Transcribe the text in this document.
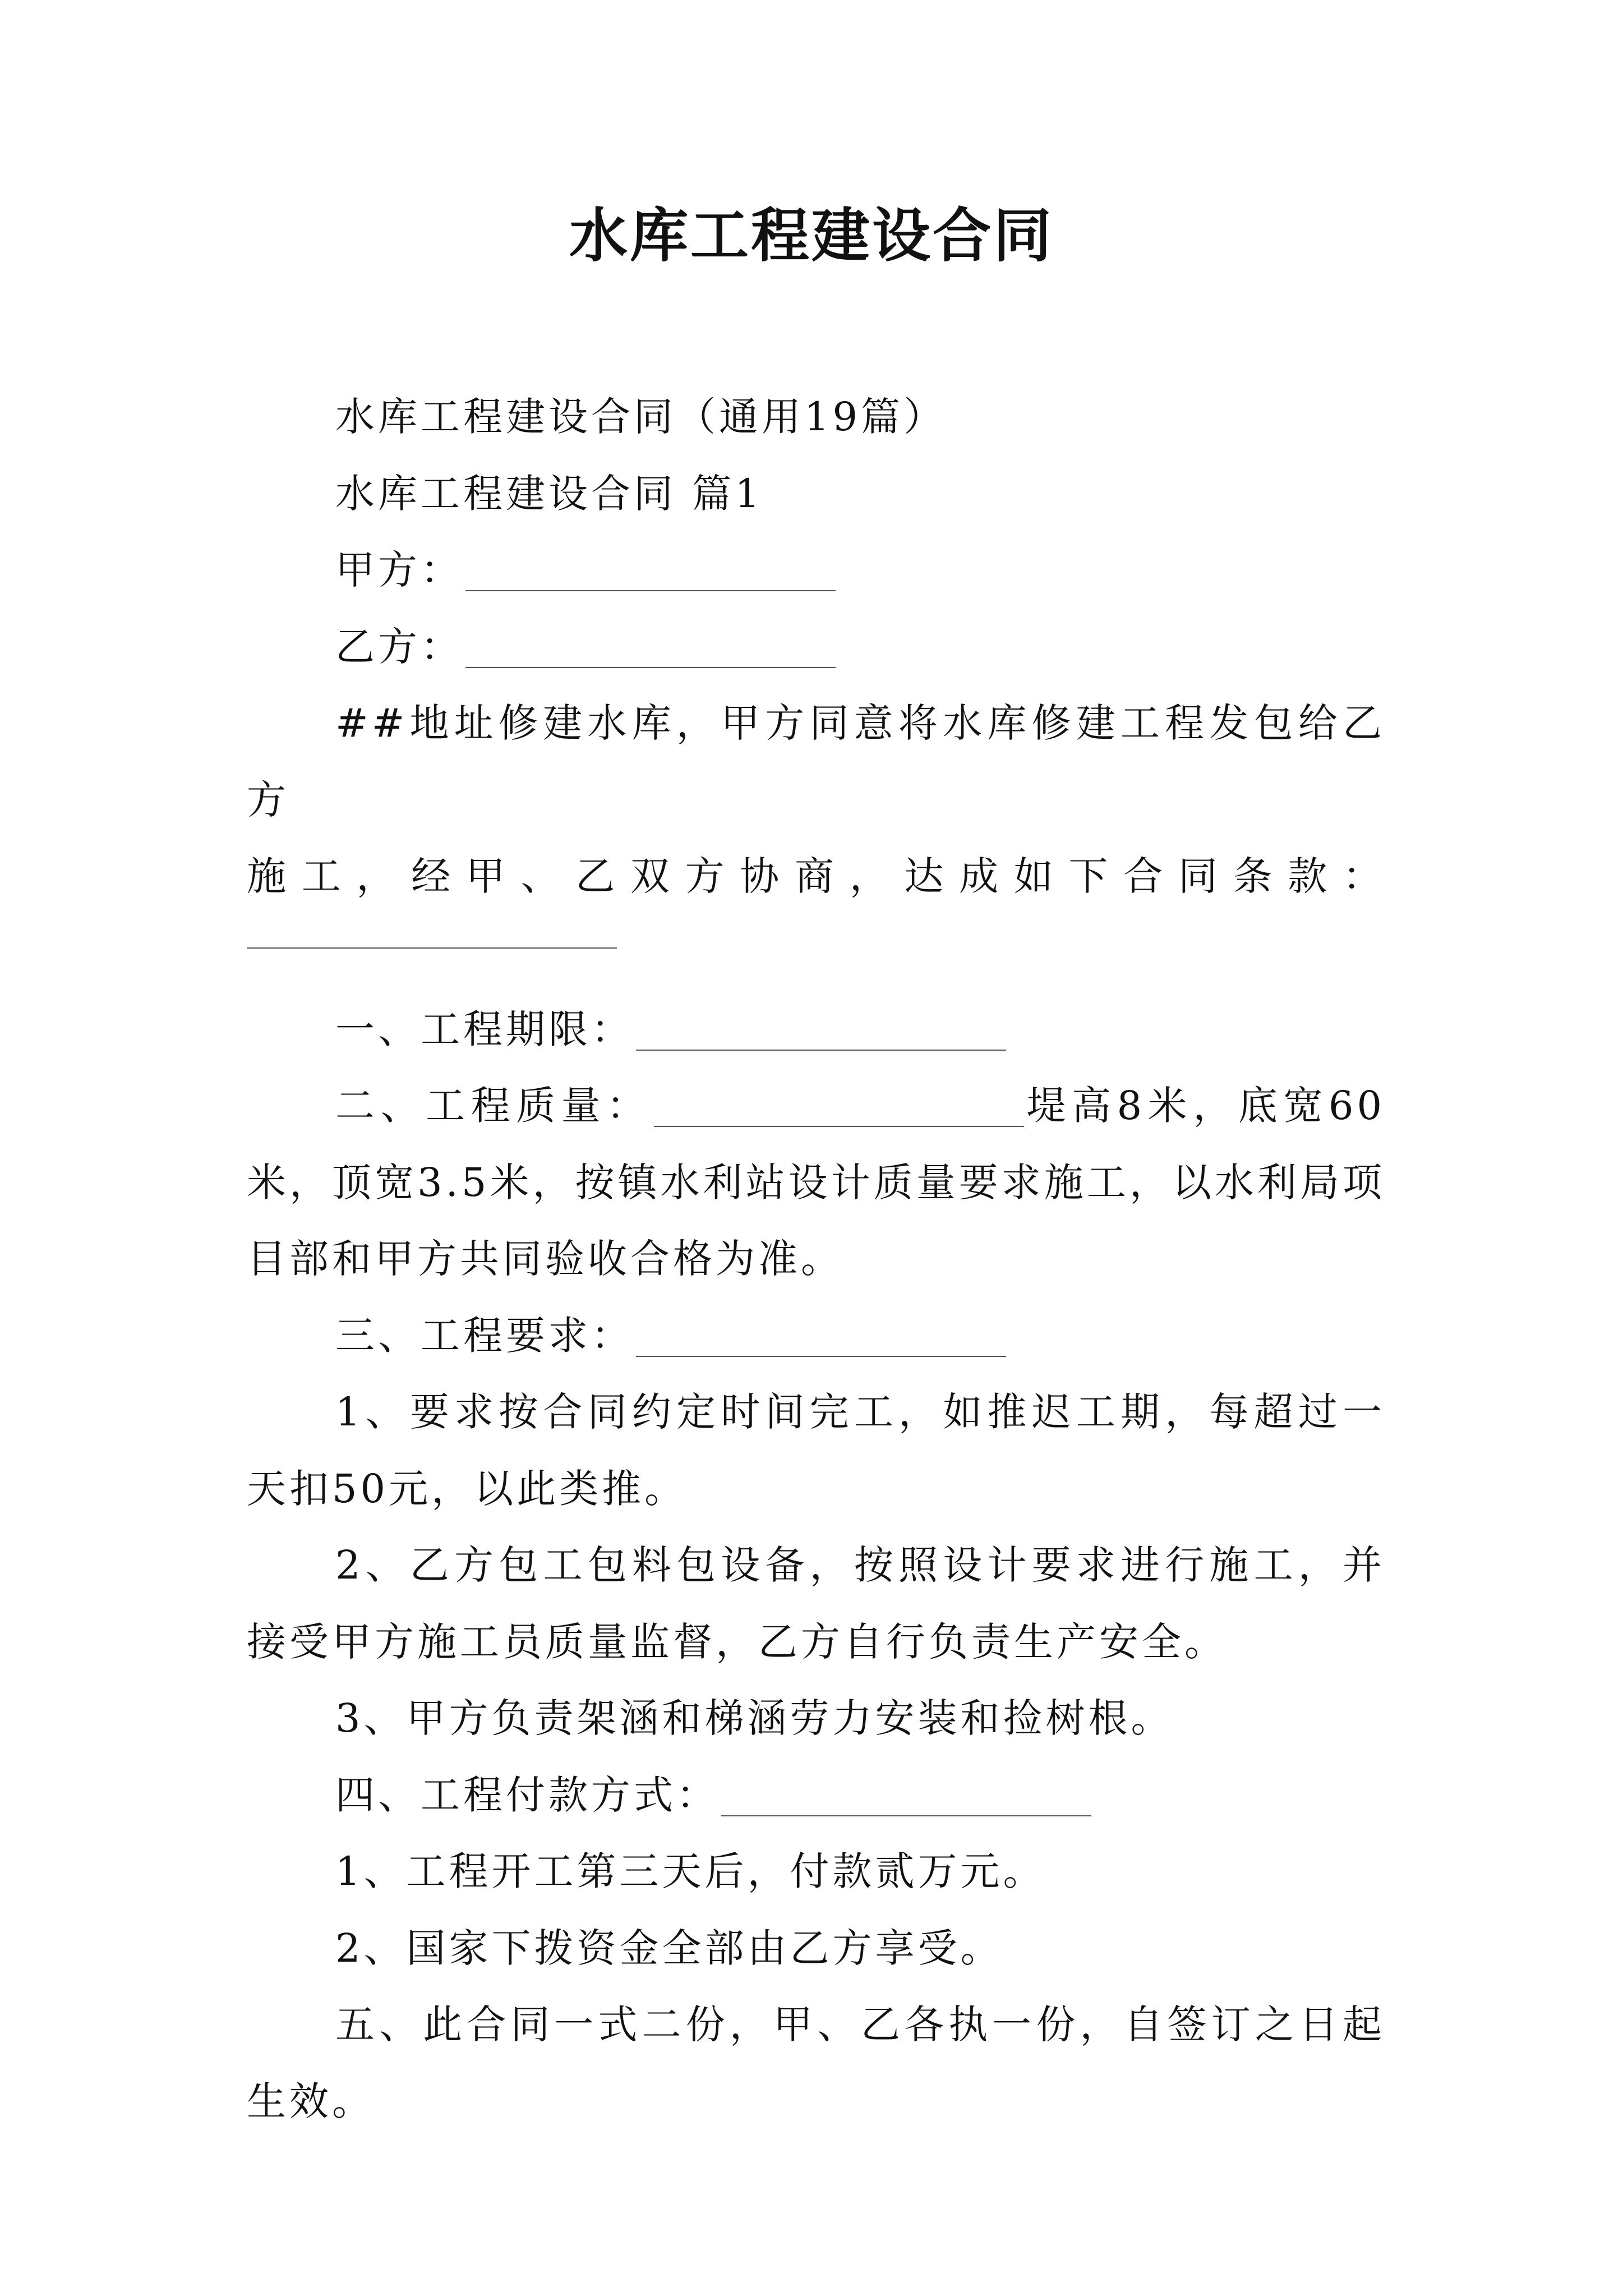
水库工程建设合同

水库工程建设合同（通用19篇）

水库工程建设合同 篇1

甲方：

乙方：

##地址修建水库，甲方同意将水库修建工程发包给乙方

施工，经甲、乙双方协商，达成如下合同条款：

一、工程期限：

二、工程质量：	堤高8米，底宽60米，顶宽3.5米，按镇水利站设计质量要求施工，以水利局项目部和甲方共同验收合格为准。

三、工程要求：

1、要求按合同约定时间完工，如推迟工期，每超过一天扣50元，以此类推。

2、乙方包工包料包设备，按照设计要求进行施工，并接受甲方施工员质量监督，乙方自行负责生产安全。

3、甲方负责架涵和梯涵劳力安装和捡树根。

四、工程付款方式：

1、工程开工第三天后，付款贰万元。

2、国家下拨资金全部由乙方享受。

五、此合同一式二份，甲、乙各执一份，自签订之日起生效。
